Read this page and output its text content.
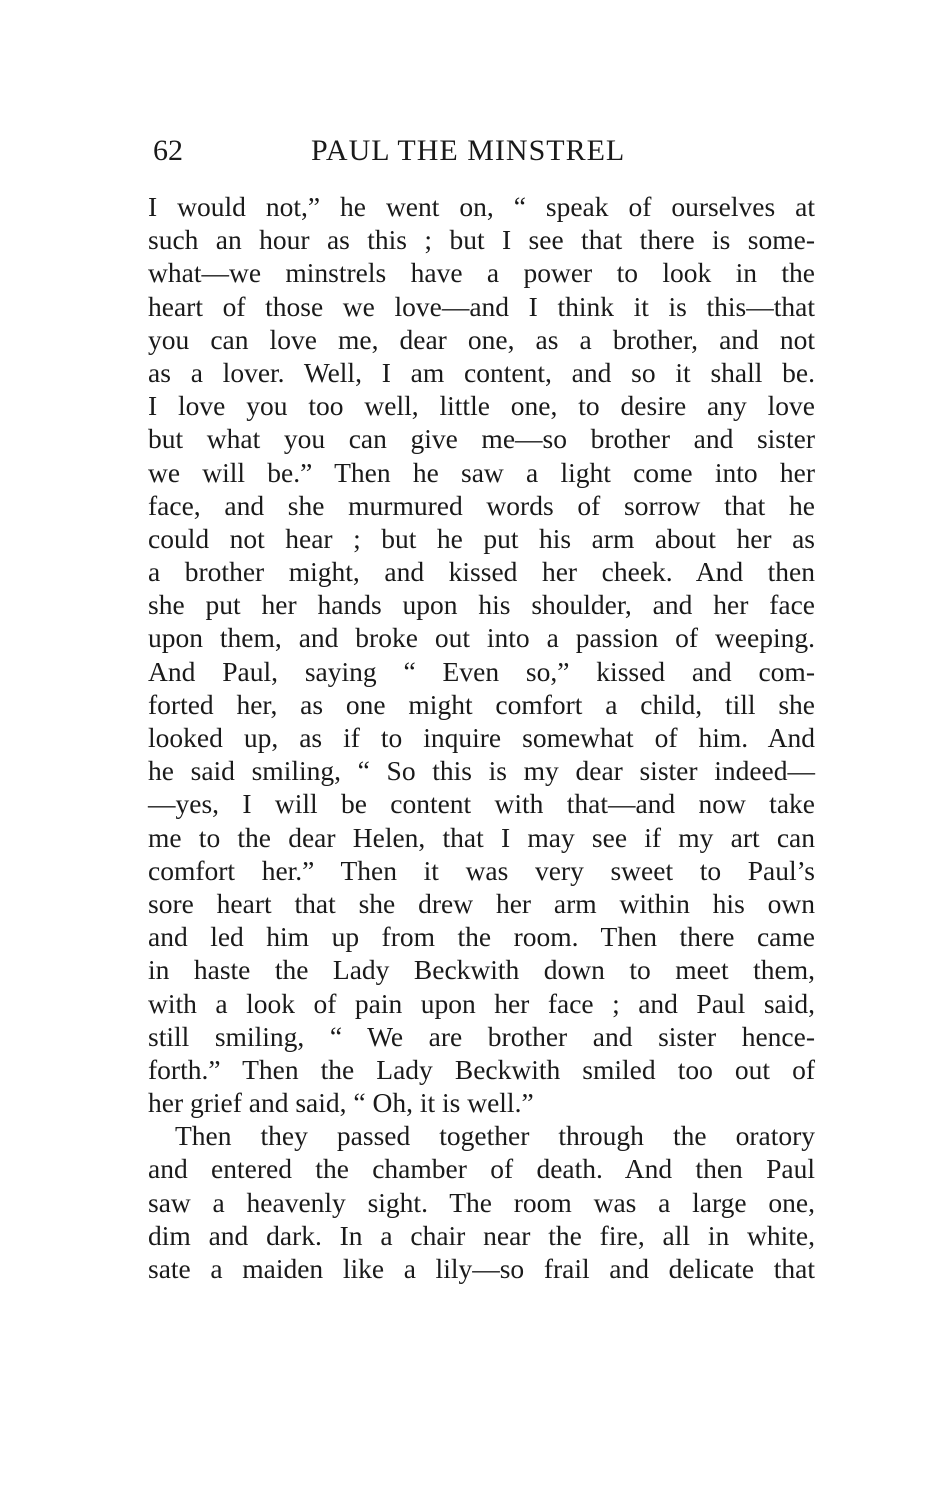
62	PAUL THE MINSTREL
I would not,” he went on, “ speak of ourselves at
such an hour as this ; but I see that there is some-
what—we minstrels have a power to look in the
heart of those we love—and I think it is this—that
you can love me, dear one, as a brother, and not
as a lover. Well, I am content, and so it shall be.
I love you too well, little one, to desire any love
but what you can give me—so brother and sister
we will be.” Then he saw a light come into her
face, and she murmured words of sorrow that he
could not hear ; but he put his arm about her as
a brother might, and kissed her cheek. And then
she put her hands upon his shoulder, and her face
upon them, and broke out into a passion of weeping.
And Paul, saying “ Even so,” kissed and com-
forted her, as one might comfort a child, till she
looked up, as if to inquire somewhat of him. And
he said smiling, “ So this is my dear sister indeed—
—yes, I will be content with that—and now take
me to the dear Helen, that I may see if my art can
comfort her.” Then it was very sweet to Paul’s
sore heart that she drew her arm within his own
and led him up from the room. Then there came
in haste the Lady Beckwith down to meet them,
with a look of pain upon her face ; and Paul said,
still smiling, “ We are brother and sister hence-
forth.” Then the Lady Beckwith smiled too out of
her grief and said, “ Oh, it is well.”
Then they passed together through the oratory
and entered the chamber of death. And then Paul
saw a heavenly sight. The room was a large one,
dim and dark. In a chair near the fire, all in white,
sate a maiden like a lily—so frail and delicate that
